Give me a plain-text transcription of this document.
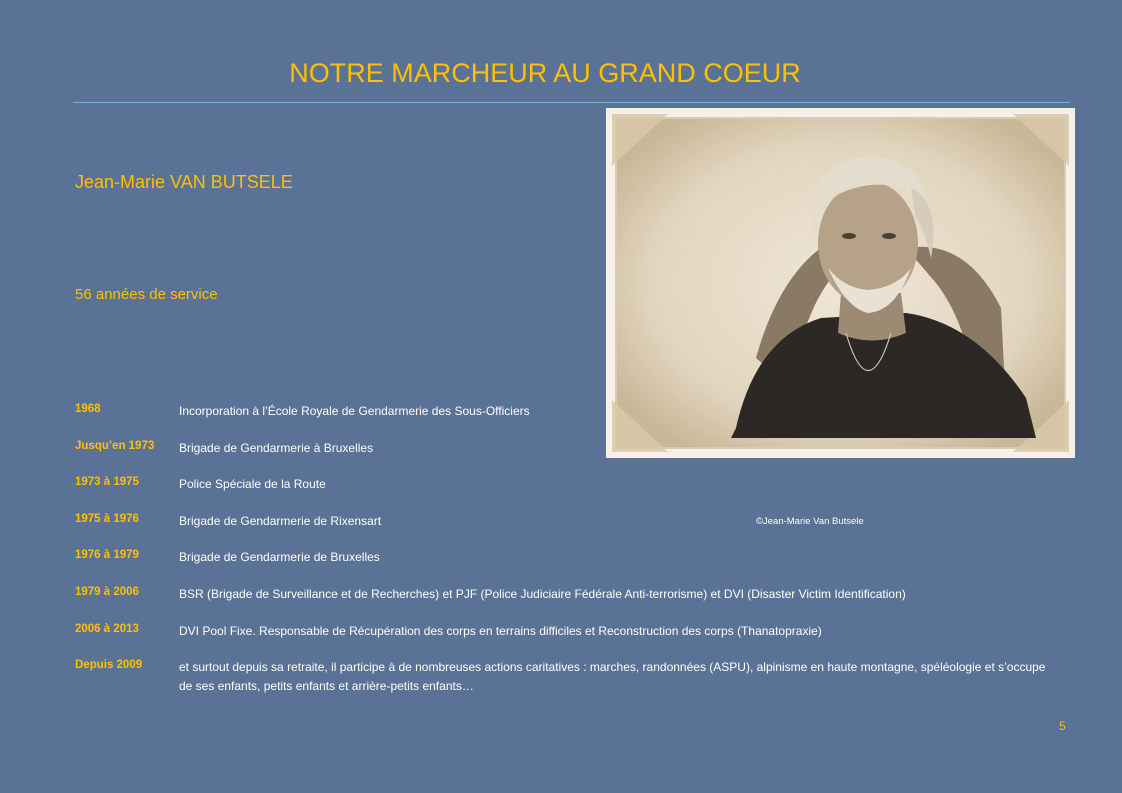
NOTRE MARCHEUR AU GRAND COEUR
Jean-Marie VAN BUTSELE
56 années de service
©Jean-Marie Van Butsele
1968	Incorporation à l’École Royale de Gendarmerie des Sous-Officiers
Jusqu’en 1973 Brigade de Gendarmerie à Bruxelles
1973 à 1975	Police Spéciale de la Route
1975 à 1976	Brigade de Gendarmerie de Rixensart
1976 à 1979	Brigade de Gendarmerie de Bruxelles
1979 à 2006	BSR (Brigade de Surveillance et de Recherches) et PJF (Police Judiciaire Fédérale Anti-terrorisme) et DVI (Disaster Victim Identification)
2006 à 2013	DVI Pool Fixe. Responsable de Récupération des corps en terrains difficiles et Reconstruction des corps (Thanatopraxie)
Depuis 2009	et surtout depuis sa retraite, il participe à de nombreuses actions caritatives : marches, randonnées (ASPU), alpinisme en haute montagne, spéléologie et s’occupe de ses enfants, petits enfants et arrière-petits enfants…
5
